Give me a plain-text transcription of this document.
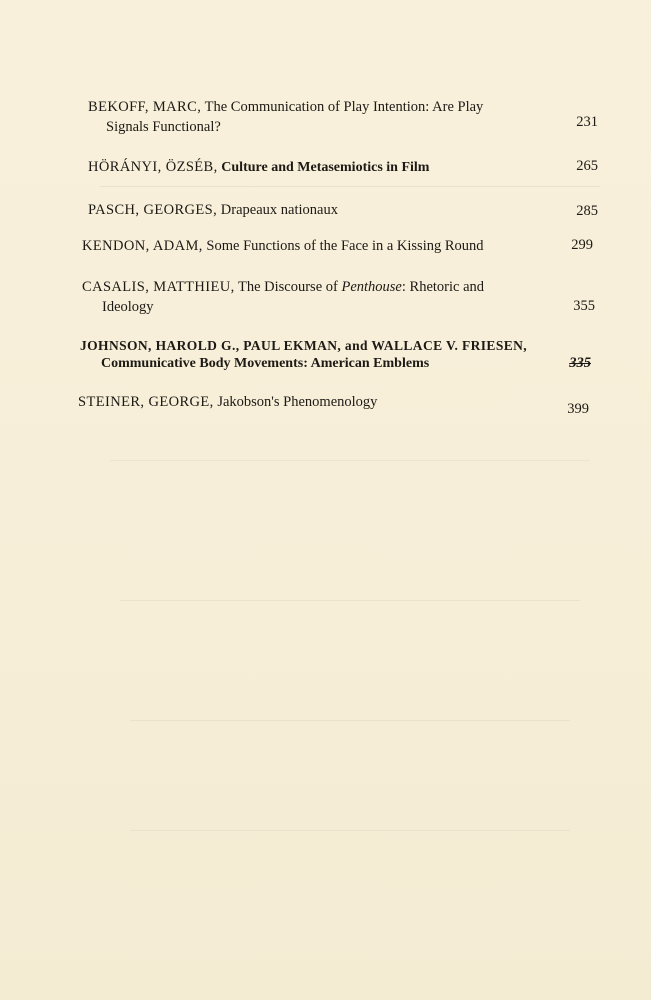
BEKOFF, MARC, The Communication of Play Intention: Are Play
Signals Functional?	231
HÖRÁNYI, ÖZSÉB, Culture and Metasemiotics in Film	265
PASCH, GEORGES, Drapeaux nationaux	285
KENDON, ADAM, Some Functions of the Face in a Kissing Round	299
CASALIS, MATTHIEU, The Discourse of Penthouse: Rhetoric and
Ideology	355
JOHNSON, HAROLD G., PAUL EKMAN, and WALLACE V. FRIESEN,
Communicative Body Movements: American Emblems	335
STEINER, GEORGE, Jakobson's Phenomenology	399
